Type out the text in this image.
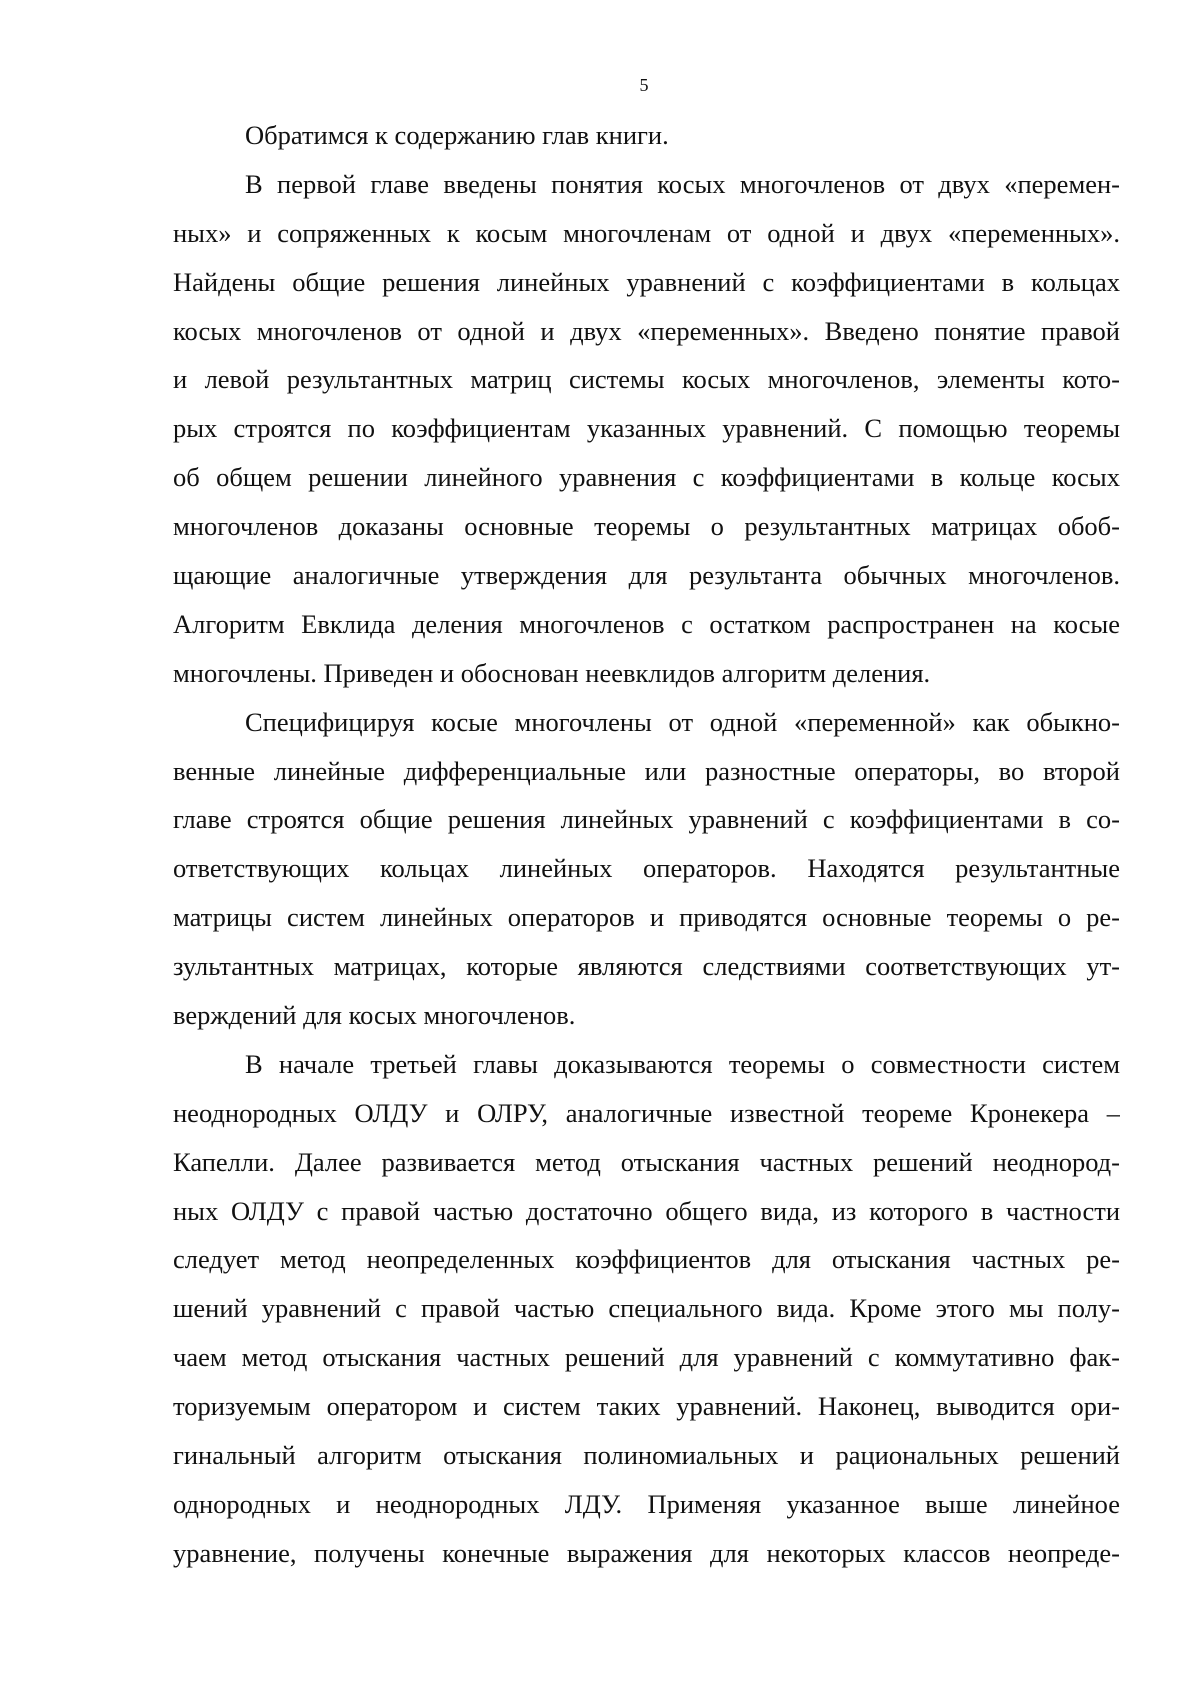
5
Обратимся к содержанию глав книги.
В первой главе введены понятия косых многочленов от двух «перемен-
ных» и сопряженных к косым многочленам от одной и двух «переменных».
Найдены общие решения линейных уравнений с коэффициентами в кольцах
косых многочленов от одной и двух «переменных». Введено понятие правой
и левой результантных матриц системы косых многочленов, элементы кото-
рых строятся по коэффициентам указанных уравнений. С помощью теоремы
об общем решении линейного уравнения с коэффициентами в кольце косых
многочленов доказаны основные теоремы о результантных матрицах обоб-
щающие аналогичные утверждения для результанта обычных многочленов.
Алгоритм Евклида деления многочленов с остатком распространен на косые
многочлены. Приведен и обоснован неевклидов алгоритм деления.
Специфицируя косые многочлены от одной «переменной» как обыкно-
венные линейные дифференциальные или разностные операторы, во второй
главе строятся общие решения линейных уравнений с коэффициентами в со-
ответствующих кольцах линейных операторов. Находятся результантные
матрицы систем линейных операторов и приводятся основные теоремы о ре-
зультантных матрицах, которые являются следствиями соответствующих ут-
верждений для косых многочленов.
В начале третьей главы доказываются теоремы о совместности систем
неоднородных ОЛДУ и ОЛРУ, аналогичные известной теореме Кронекера –
Капелли. Далее развивается метод отыскания частных решений неоднород-
ных ОЛДУ с правой частью достаточно общего вида, из которого в частности
следует метод неопределенных коэффициентов для отыскания частных ре-
шений уравнений с правой частью специального вида. Кроме этого мы полу-
чаем метод отыскания частных решений для уравнений с коммутативно фак-
торизуемым оператором и систем таких уравнений. Наконец, выводится ори-
гинальный алгоритм отыскания полиномиальных и рациональных решений
однородных и неоднородных ЛДУ. Применяя указанное выше линейное
уравнение, получены конечные выражения для некоторых классов неопреде-
